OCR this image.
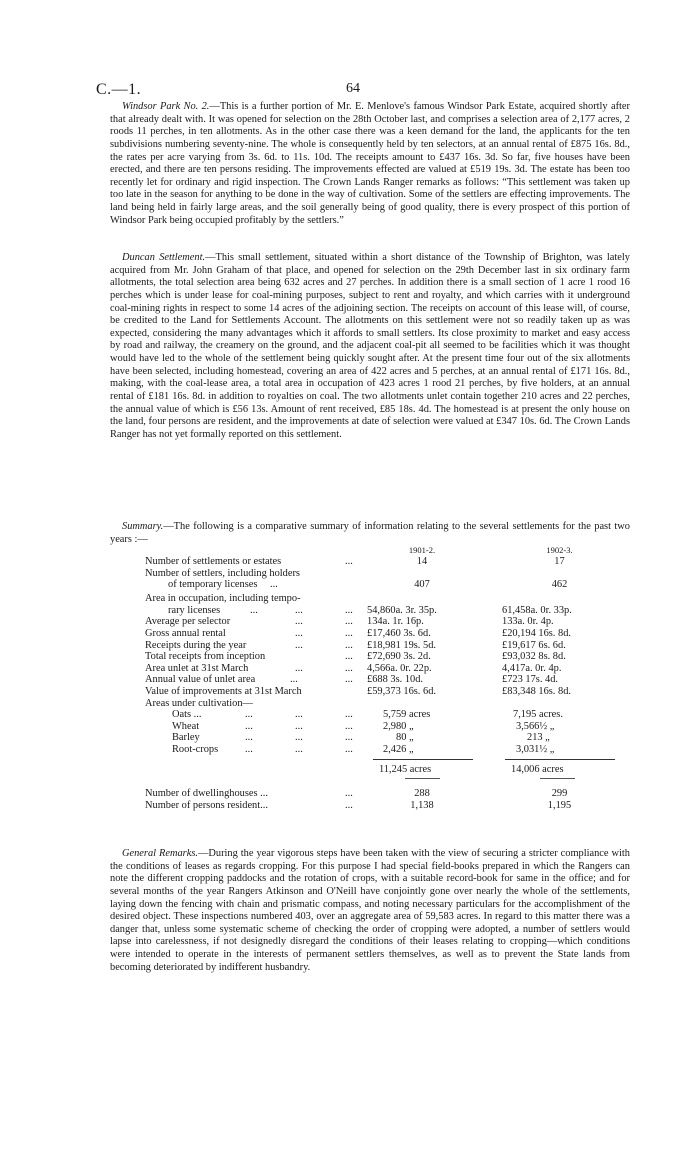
C.—1.	64

Windsor Park No. 2.—This is a further portion of Mr. E. Menlove's famous Windsor Park Estate, acquired shortly after that already dealt with. It was opened for selection on the 28th October last, and comprises a selection area of 2,177 acres, 2 roods 11 perches, in ten allotments. As in the other case there was a keen demand for the land, the applicants for the ten subdivisions numbering seventy-nine. The whole is consequently held by ten selectors, at an annual rental of £875 16s. 8d., the rates per acre varying from 3s. 6d. to 11s. 10d. The receipts amount to £437 16s. 3d. So far, five houses have been erected, and there are ten persons residing. The improvements effected are valued at £519 19s. 3d. The estate has been too recently let for ordinary and rigid inspection. The Crown Lands Ranger remarks as follows: “This settlement was taken up too late in the season for anything to be done in the way of cultivation. Some of the settlers are effecting improvements. The land being held in fairly large areas, and the soil generally being of good quality, there is every prospect of this portion of Windsor Park being occupied profitably by the settlers.”

Duncan Settlement.—This small settlement, situated within a short distance of the Township of Brighton, was lately acquired from Mr. John Graham of that place, and opened for selection on the 29th December last in six ordinary farm allotments, the total selection area being 632 acres and 27 perches. In addition there is a small section of 1 acre 1 rood 16 perches which is under lease for coal-mining purposes, subject to rent and royalty, and which carries with it underground coal-mining rights in respect to some 14 acres of the adjoining section. The receipts on account of this lease will, of course, be credited to the Land for Settlements Account. The allotments on this settlement were not so readily taken up as was expected, considering the many advantages which it affords to small settlers. Its close proximity to market and easy access by road and railway, the creamery on the ground, and the adjacent coal-pit all seemed to be facilities which it was thought would have led to the whole of the settlement being quickly sought after. At the present time four out of the six allotments have been selected, including homestead, covering an area of 422 acres and 5 perches, at an annual rental of £171 16s. 8d., making, with the coal-lease area, a total area in occupation of 423 acres 1 rood 21 perches, by five holders, at an annual rental of £181 16s. 8d. in addition to royalties on coal. The two allotments unlet contain together 210 acres and 22 perches, the annual value of which is £56 13s. Amount of rent received, £85 18s. 4d. The homestead is at present the only house on the land, four persons are resident, and the improvements at date of selection were valued at £347 10s. 6d. The Crown Lands Ranger has not yet formally reported on this settlement.

Summary.—The following is a comparative summary of information relating to the several settlements for the past two years :—

1901-2.	1902-3.
Number of settlements or estates	...	14	17
Number of settlers, including holders
of temporary licenses ...	407	462
Area in occupation, including tempo-
rary licenses	...	...	... 54,860a. 3r. 35p.	61,458a. 0r. 33p.
Average per selector	...	... 134a. 1r. 16p.	133a. 0r. 4p.
Gross annual rental	...	... £17,460 3s. 6d.	£20,194 16s. 8d.
Receipts during the year	...	... £18,981 19s. 5d.	£19,617 6s. 6d.
Total receipts from inception	... £72,690 3s. 2d.	£93,032 8s. 8d.
Area unlet at 31st March	...	... 4,566a. 0r. 22p.	4,417a. 0r. 4p.
Annual value of unlet area	...	... £688 3s. 10d.	£723 17s. 4d.
Value of improvements at 31st March	£59,373 16s. 6d.	£83,348 16s. 8d.
Areas under cultivation—
Oats ...	...	...	...	5,759 acres	7,195 acres.
Wheat	...	...	...	2,980 „	3,566½ „
Barley	...	...	...	80 „	213 „
Root-crops	...	...	...	2,426 „	3,031½ „
11,245 acres	14,006 acres
Number of dwellinghouses ...	...	288	299
Number of persons resident...	...	1,138	1,195

General Remarks.—During the year vigorous steps have been taken with the view of securing a stricter compliance with the conditions of leases as regards cropping. For this purpose I had special field-books prepared in which the Rangers can note the different cropping paddocks and the rotation of crops, with a suitable record-book for same in the office; and for several months of the year Rangers Atkinson and O'Neill have conjointly gone over nearly the whole of the settlements, laying down the fencing with chain and prismatic compass, and noting necessary particulars for the accomplishment of the desired object. These inspections numbered 403, over an aggregate area of 59,583 acres. In regard to this matter there was a danger that, unless some systematic scheme of checking the order of cropping were adopted, a number of settlers would lapse into carelessness, if not designedly disregard the conditions of their leases relating to cropping—which conditions were intended to operate in the interests of permanent settlers themselves, as well as to prevent the State lands from becoming deteriorated by indifferent husbandry.
